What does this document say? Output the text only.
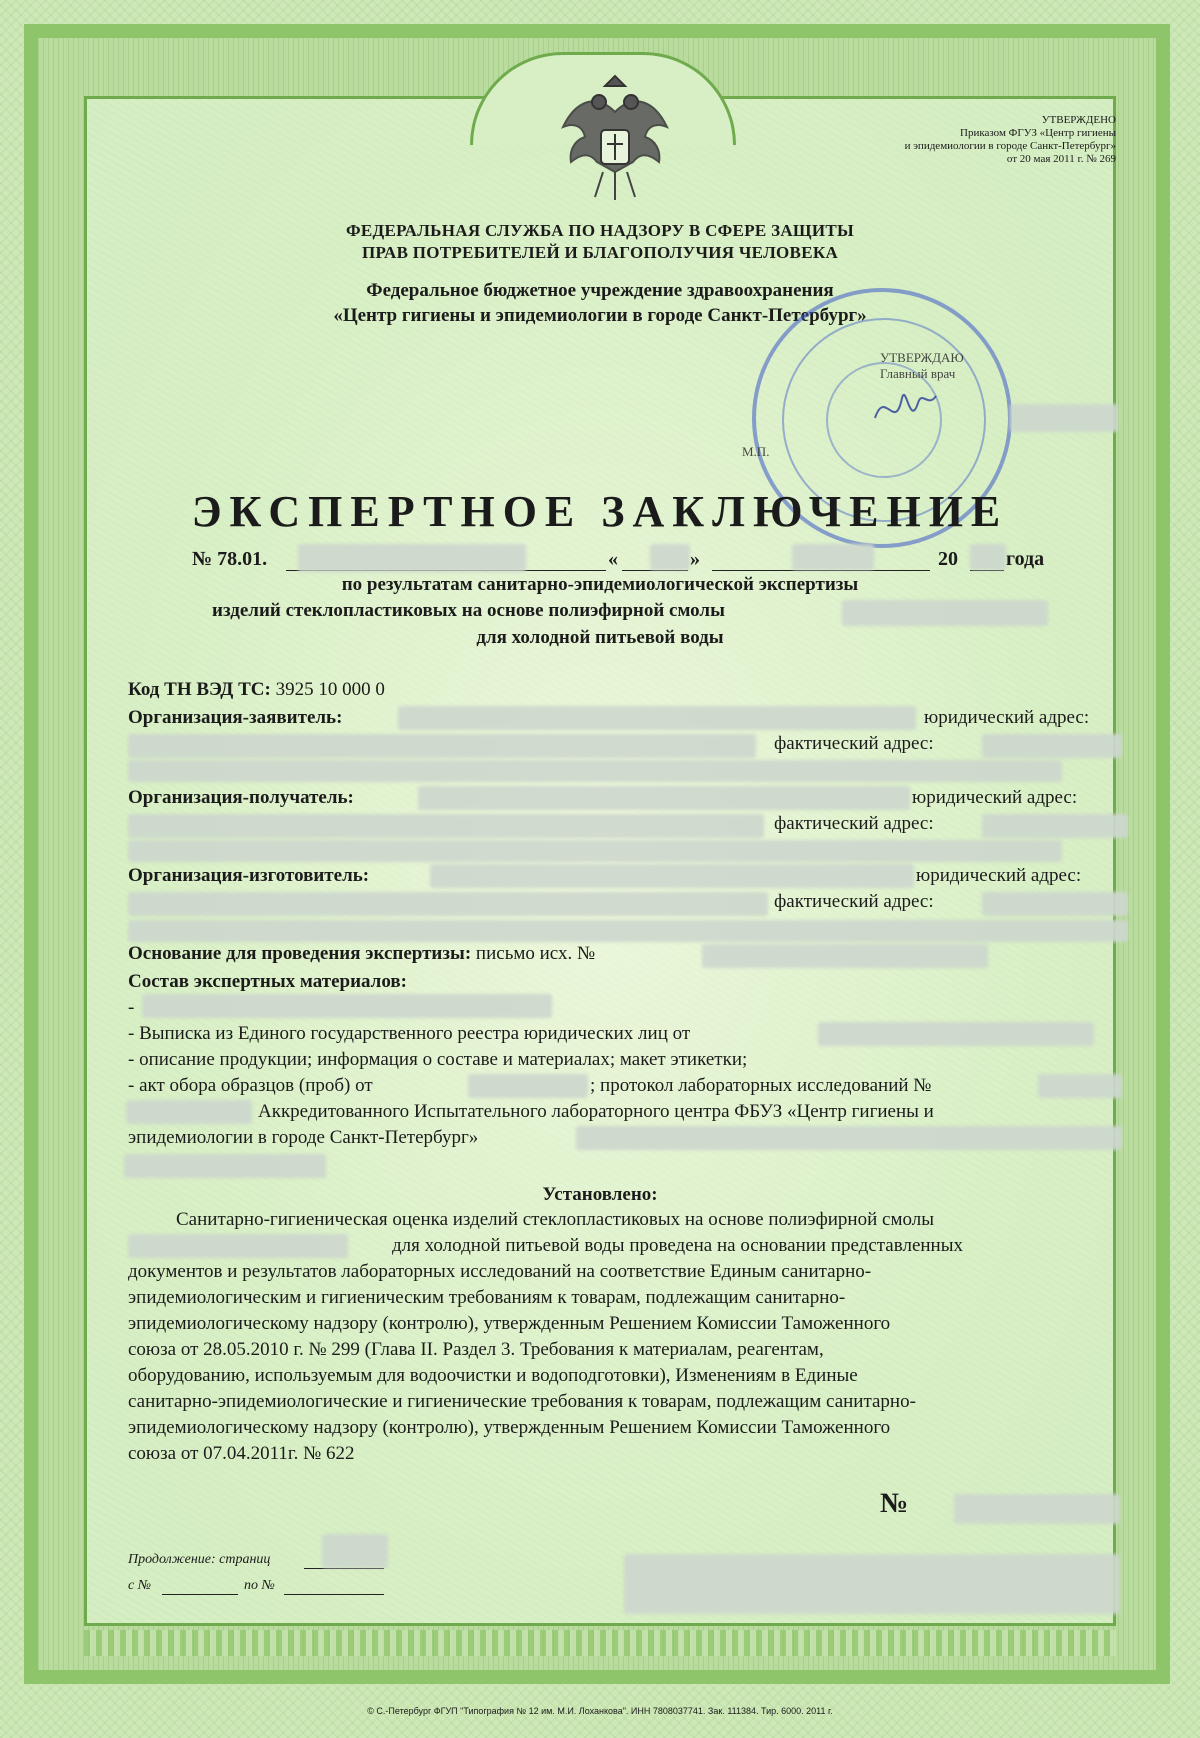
УТВЕРЖДЕНО
Приказом ФГУЗ «Центр гигиены
и эпидемиологии в городе Санкт-Петербург»
от 20 мая 2011 г. № 269
ФЕДЕРАЛЬНАЯ СЛУЖБА ПО НАДЗОРУ В СФЕРЕ ЗАЩИТЫ
ПРАВ ПОТРЕБИТЕЛЕЙ И БЛАГОПОЛУЧИЯ ЧЕЛОВЕКА
Федеральное бюджетное учреждение здравоохранения
«Центр гигиены и эпидемиологии в городе Санкт-Петербург»
УТВЕРЖДАЮ
Главный врач
М.П.
ЭКСПЕРТНОЕ ЗАКЛЮЧЕНИЕ
№ 78.01.	«	»	20 года
по результатам санитарно-эпидемиологической экспертизы
изделий стеклопластиковых на основе полиэфирной смолы
для холодной питьевой воды
Код ТН ВЭД ТС: 3925 10 000 0
Организация-заявитель:	юридический адрес:
фактический адрес:
Организация-получатель:	юридический адрес:
фактический адрес:
Организация-изготовитель:	юридический адрес:
фактический адрес:
Основание для проведения экспертизы: письмо исх. №
Состав экспертных материалов:
-
- Выписка из Единого государственного реестра юридических лиц от
- описание продукции; информация о составе и материалах; макет этикетки;
- акт обора образцов (проб) от	; протокол лабораторных исследований №
Аккредитованного Испытательного лабораторного центра ФБУЗ «Центр гигиены и
эпидемиологии в городе Санкт-Петербург»
Установлено:
Санитарно-гигиеническая оценка изделий стеклопластиковых на основе полиэфирной смолы
для холодной питьевой воды проведена на основании представленных
документов и результатов лабораторных исследований на соответствие Единым санитарно-
эпидемиологическим и гигиеническим требованиям к товарам, подлежащим санитарно-
эпидемиологическому надзору (контролю), утвержденным Решением Комиссии Таможенного
союза от 28.05.2010 г. № 299 (Глава II. Раздел 3. Требования к материалам, реагентам,
оборудованию, используемым для водоочистки и водоподготовки), Изменениям в Единые
санитарно-эпидемиологические и гигиенические требования к товарам, подлежащим санитарно-
эпидемиологическому надзору (контролю), утвержденным Решением Комиссии Таможенного
союза от 07.04.2011г. № 622
№
Продолжение: страниц
с №	по №
© С.-Петербург ФГУП "Типография № 12 им. М.И. Лоханкова". ИНН 7808037741. Зак. 111384. Тир. 6000. 2011 г.
